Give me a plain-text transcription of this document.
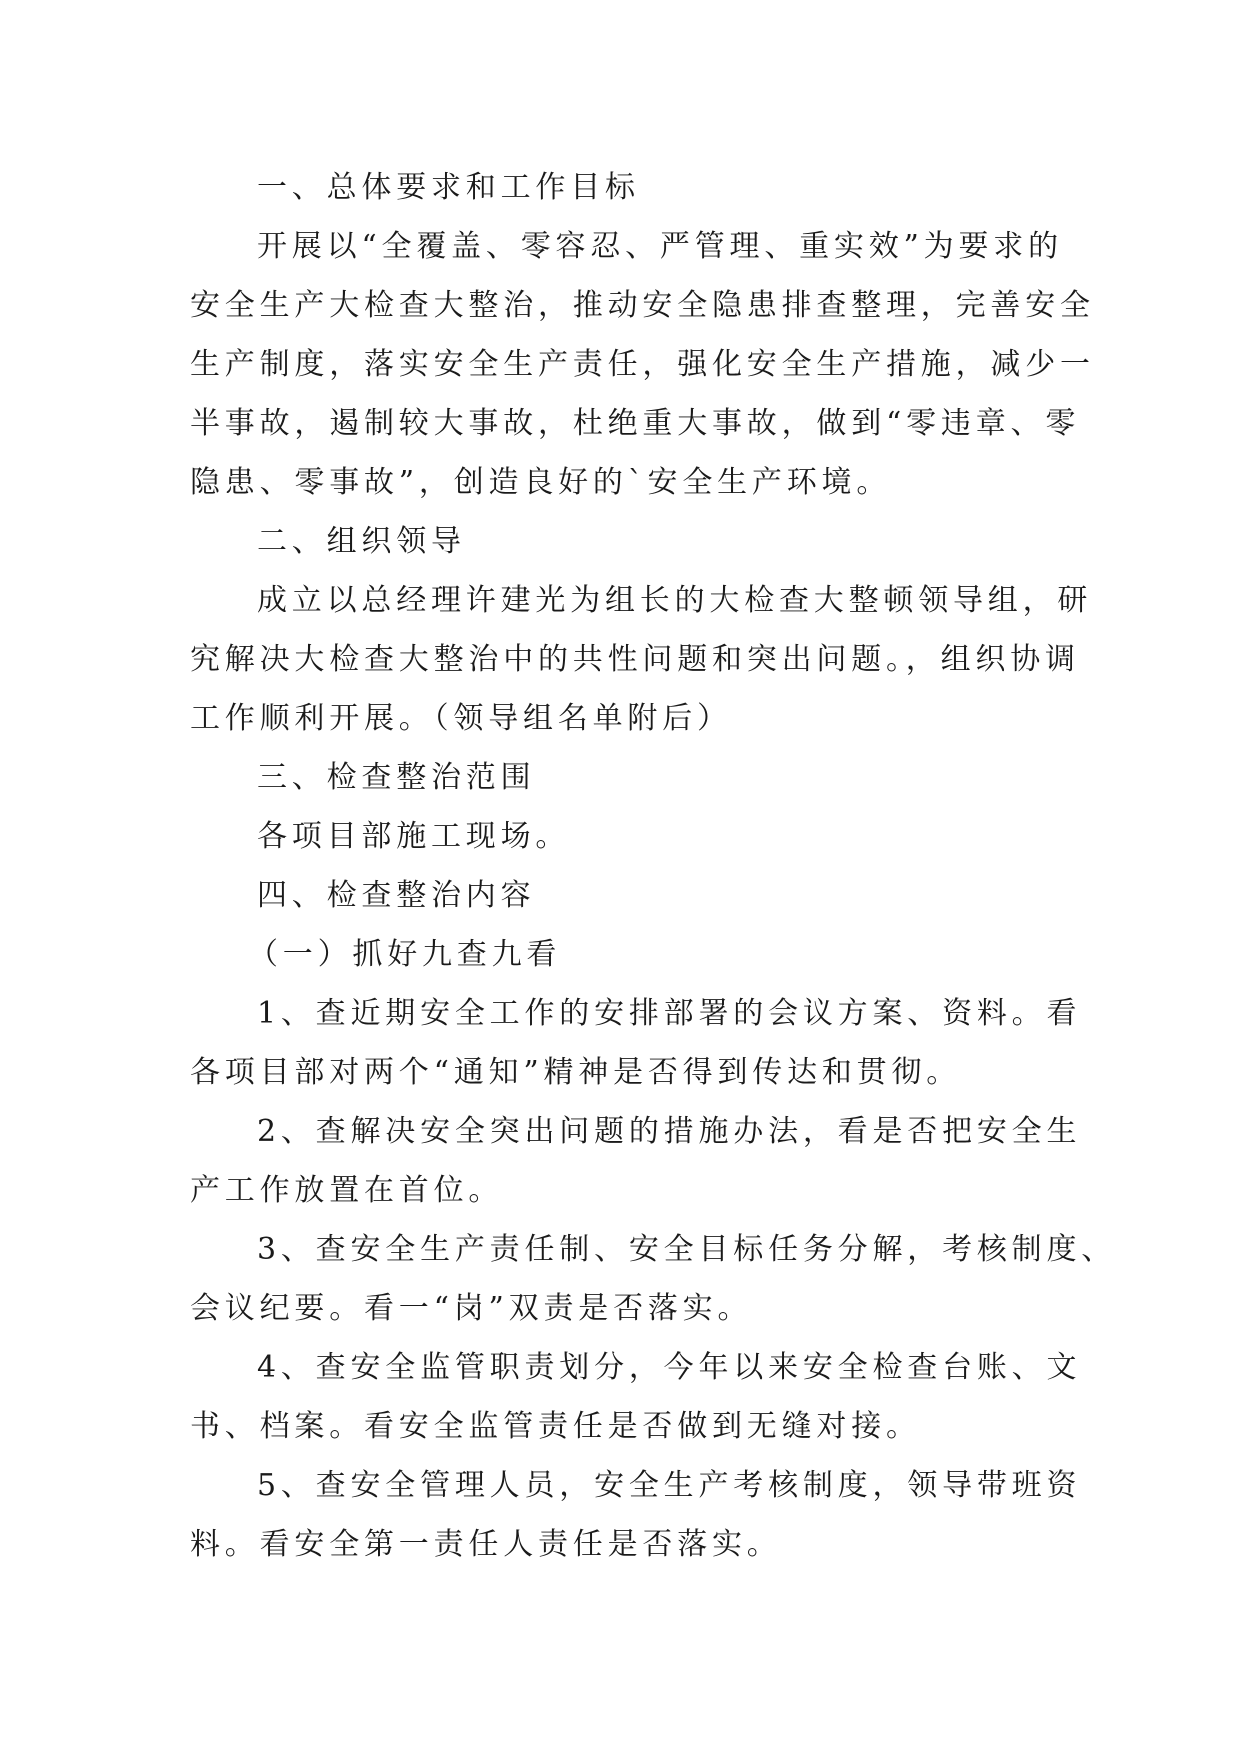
一、总体要求和工作目标
开展以“全覆盖、零容忍、严管理、重实效”为要求的
安全生产大检查大整治，推动安全隐患排查整理，完善安全
生产制度，落实安全生产责任，强化安全生产措施，减少一
半事故，遏制较大事故，杜绝重大事故，做到“零违章、零
隐患、零事故”，创造良好的`安全生产环境。
二、组织领导
成立以总经理许建光为组长的大检查大整顿领导组，研
究解决大检查大整治中的共性问题和突出问题。，组织协调
工作顺利开展。（领导组名单附后）
三、检查整治范围
各项目部施工现场。
四、检查整治内容
（一）抓好九查九看
1、查近期安全工作的安排部署的会议方案、资料。看
各项目部对两个“通知”精神是否得到传达和贯彻。
2、查解决安全突出问题的措施办法，看是否把安全生
产工作放置在首位。
3、查安全生产责任制、安全目标任务分解，考核制度、
会议纪要。看一“岗”双责是否落实。
4、查安全监管职责划分，今年以来安全检查台账、文
书、档案。看安全监管责任是否做到无缝对接。
5、查安全管理人员，安全生产考核制度，领导带班资
料。看安全第一责任人责任是否落实。
